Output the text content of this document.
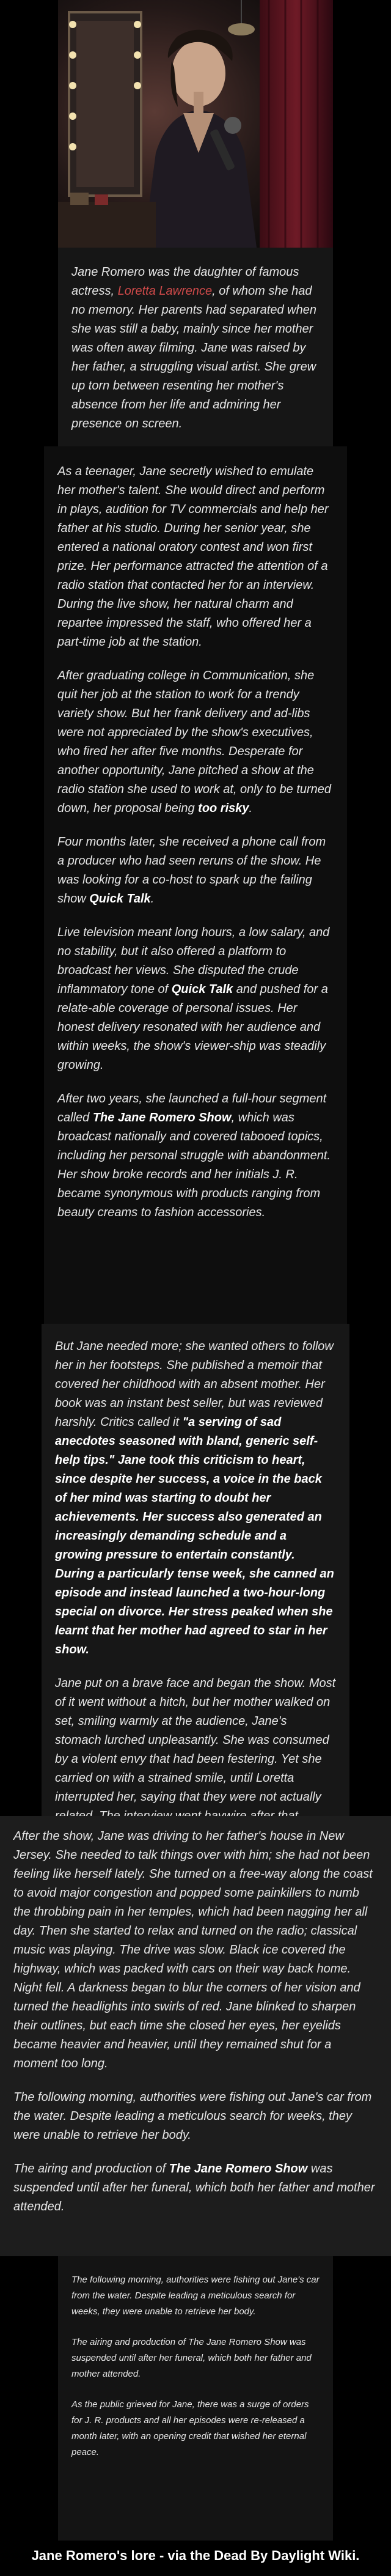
Jane Romero was the daughter of famous actress, Loretta Lawrence, of whom she had no memory. Her parents had separated when she was still a baby, mainly since her mother was often away filming. Jane was raised by her father, a struggling visual artist. She grew up torn between resenting her mother's absence from her life and admiring her presence on screen.

As a teenager, Jane secretly wished to emulate her mother's talent. She would direct and perform in plays, audition for TV commercials and help her father at his studio. During her senior year, she entered a national oratory contest and won first prize. Her performance attracted the attention of a radio station that contacted her for an interview. During the live show, her natural charm and repartee impressed the staff, who offered her a part-time job at the station.

After graduating college in Communication, she quit her job at the station to work for a trendy variety show. But her frank delivery and ad-libs were not appreciated by the show's executives, who fired her after five months. Desperate for another opportunity, Jane pitched a show at the radio station she used to work at, only to be turned down, her proposal being too risky.

Four months later, she received a phone call from a producer who had seen reruns of the show. He was looking for a co-host to spark up the failing show Quick Talk.

Live television meant long hours, a low salary, and no stability, but it also offered a platform to broadcast her views. She disputed the crude inflammatory tone of Quick Talk and pushed for a relate-able coverage of personal issues. Her honest delivery resonated with her audience and within weeks, the show's viewer-ship was steadily growing.

After two years, she launched a full-hour segment called The Jane Romero Show, which was broadcast nationally and covered tabooed topics, including her personal struggle with abandonment. Her show broke records and her initials J. R. became synonymous with products ranging from beauty creams to fashion accessories.

But Jane needed more; she wanted others to follow her in her footsteps. She published a memoir that covered her childhood with an absent mother. Her book was an instant best seller, but was reviewed harshly. Critics called it "a serving of sad anecdotes seasoned with bland, generic self-help tips." Jane took this criticism to heart, since despite her success, a voice in the back of her mind was starting to doubt her achievements. Her success also generated an increasingly demanding schedule and a growing pressure to entertain constantly. During a particularly tense week, she canned an episode and instead launched a two-hour-long special on divorce. Her stress peaked when she learnt that her mother had agreed to star in her show.

Jane put on a brave face and began the show. Most of it went without a hitch, but her mother walked on set, smiling warmly at the audience, Jane's stomach lurched unpleasantly. She was consumed by a violent envy that had been festering. Yet she carried on with a strained smile, until Loretta interrupted her, saying that they were not actually

After the show, Jane was driving to her father's house in New Jersey. She needed to talk things over with him; she had not been feeling like herself lately. She turned on a free-way along the coast to avoid major congestion and popped some painkillers to numb the throbbing pain in her temples, which had been nagging her all day. Then she started to relax and turned on the radio; classical music was playing. The drive was slow. Black ice covered the highway, which was packed with cars on their way back home. Night fell. A darkness began to blur the corners of her vision and turned the headlights into swirls of red. Jane blinked to sharpen their outlines, but each time she closed her eyes, her eyelids became heavier and heavier, until they remained shut for a moment too long.

The following morning, authorities were fishing out Jane's car from the water. Despite leading a meticulous search for weeks, they were unable to retrieve her body.

The airing and production of The Jane Romero Show was suspended until after her funeral, which both her father and mother attended.

The following morning, authorities were fishing out Jane's car from the water. Despite leading a meticulous search for weeks, they were unable to retrieve her body.

The airing and production of The Jane Romero Show was suspended until after her funeral, which both her father and mother attended.

As the public grieved for Jane, there was a surge of orders for J. R. products and all her episodes were re-released a month later, with an opening credit that wished her eternal peace.

Jane Romero's lore - via the Dead By Daylight Wiki.
